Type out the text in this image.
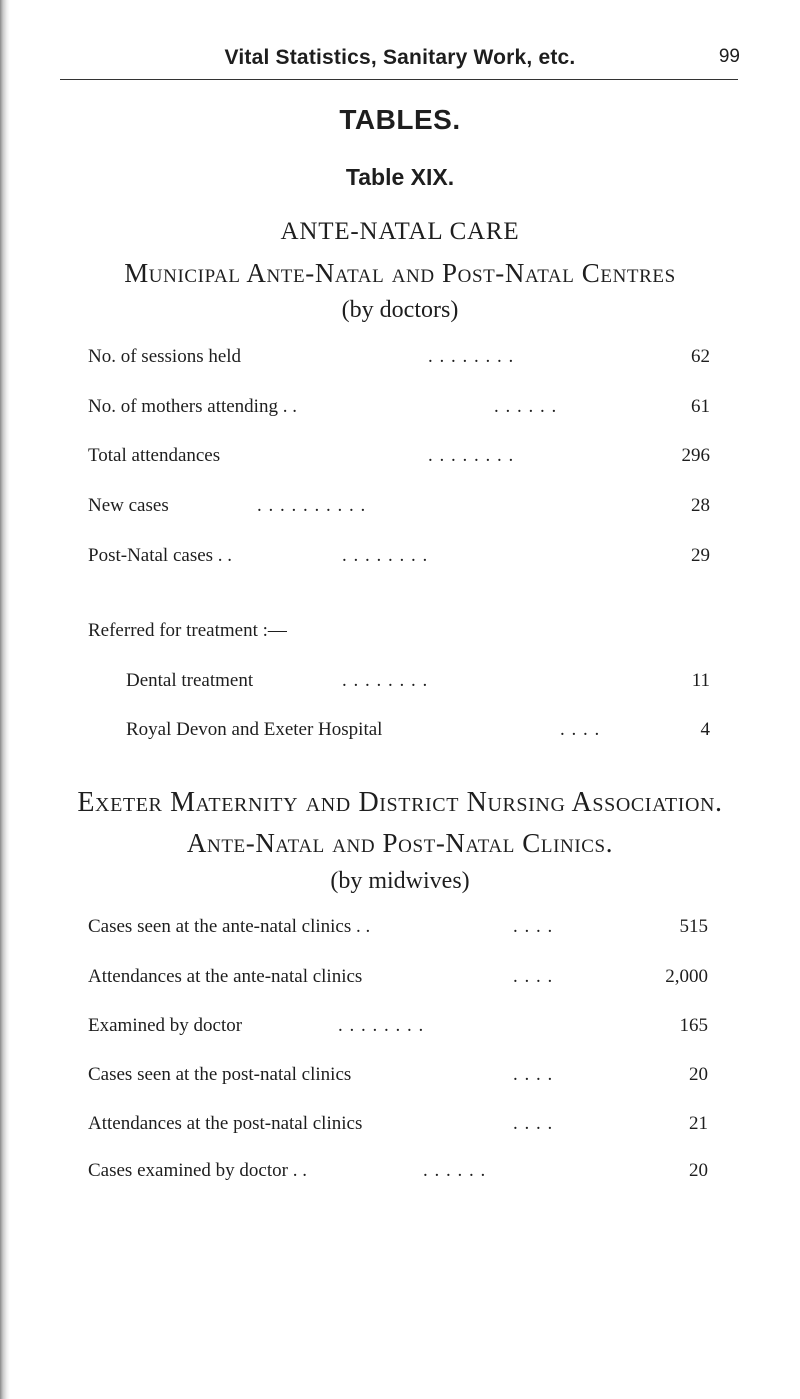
Vital Statistics, Sanitary Work, etc.	99
TABLES.
Table XIX.
ANTE-NATAL CARE
Municipal Ante-Natal and Post-Natal Centres
(by doctors)
No. of sessions held	. . . . . . . .	62
No. of mothers attending . .	. . . . . .	61
Total attendances	. . . . . . . .	296
New cases	. . . . . . . . . .	28
Post-Natal cases . .	. . . . . . . .	29
Referred for treatment :—
Dental treatment	. . . . . . . .	11
Royal Devon and Exeter Hospital	. . . .	4
Exeter Maternity and District Nursing Association.
Ante-Natal and Post-Natal Clinics.
(by midwives)
Cases seen at the ante-natal clinics . .	. . . .	515
Attendances at the ante-natal clinics	. . . .	2,000
Examined by doctor	. . . . . . . .	165
Cases seen at the post-natal clinics	. . . .	20
Attendances at the post-natal clinics	. . . .	21
Cases examined by doctor . .	. . . . . .	20
